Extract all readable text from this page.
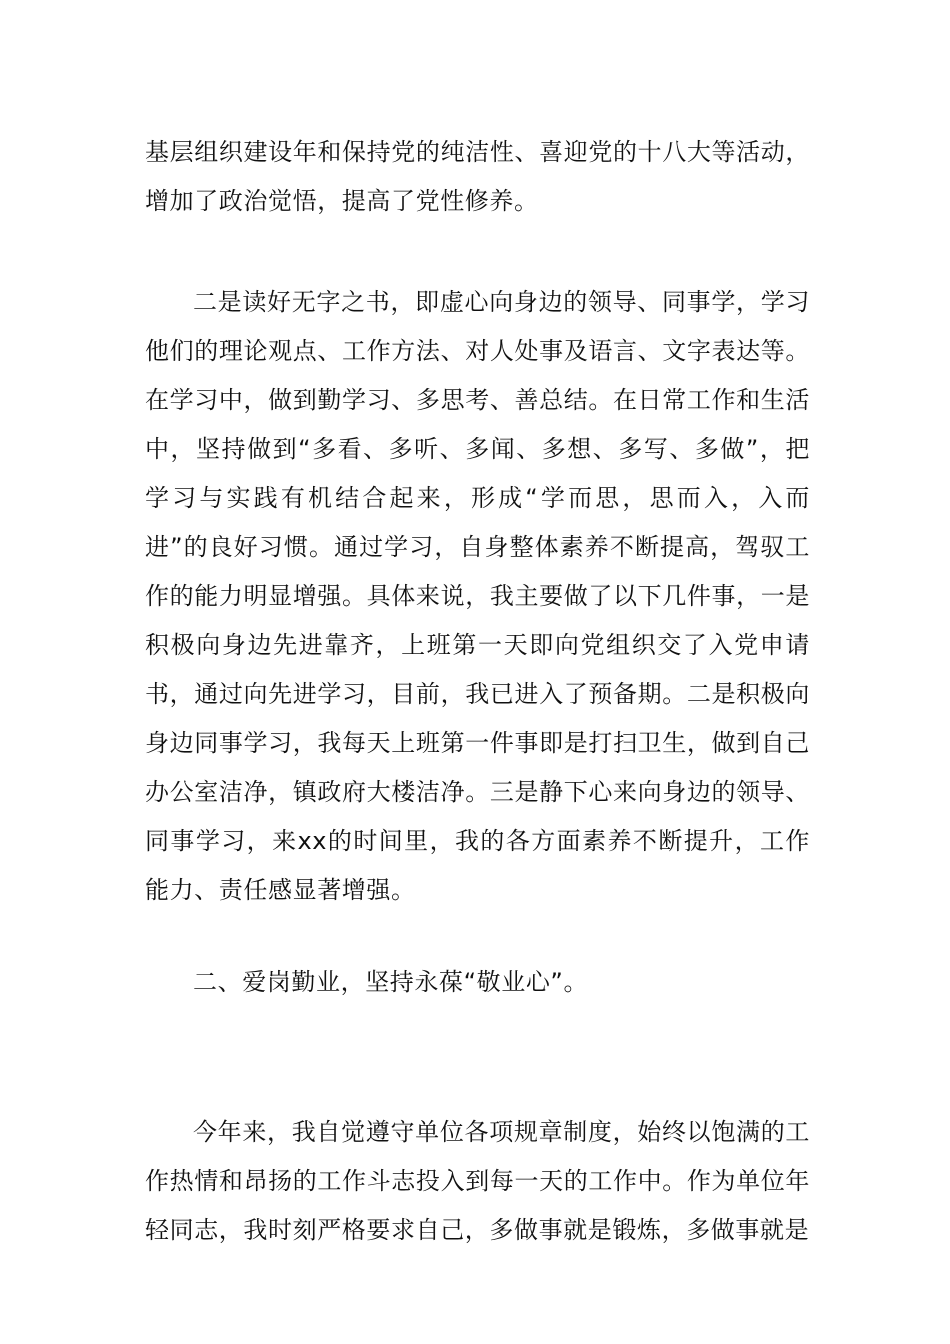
基层组织建设年和保持党的纯洁性、喜迎党的十八大等活动，增加了政治觉悟，提高了党性修养。

二是读好无字之书，即虚心向身边的领导、同事学，学习他们的理论观点、工作方法、对人处事及语言、文字表达等。在学习中，做到勤学习、多思考、善总结。在日常工作和生活中，坚持做到“多看、多听、多闻、多想、多写、多做”，把学习与实践有机结合起来，形成“学而思，思而入，入而进”的良好习惯。通过学习，自身整体素养不断提高，驾驭工作的能力明显增强。具体来说，我主要做了以下几件事，一是积极向身边先进靠齐，上班第一天即向党组织交了入党申请书，通过向先进学习，目前，我已进入了预备期。二是积极向身边同事学习，我每天上班第一件事即是打扫卫生，做到自己办公室洁净，镇政府大楼洁净。三是静下心来向身边的领导、同事学习，来xx的时间里，我的各方面素养不断提升，工作能力、责任感显著增强。

二、爱岗勤业，坚持永葆“敬业心”。

今年来，我自觉遵守单位各项规章制度，始终以饱满的工作热情和昂扬的工作斗志投入到每一天的工作中。作为单位年轻同志，我时刻严格要求自己，多做事就是锻炼，多做事就是
